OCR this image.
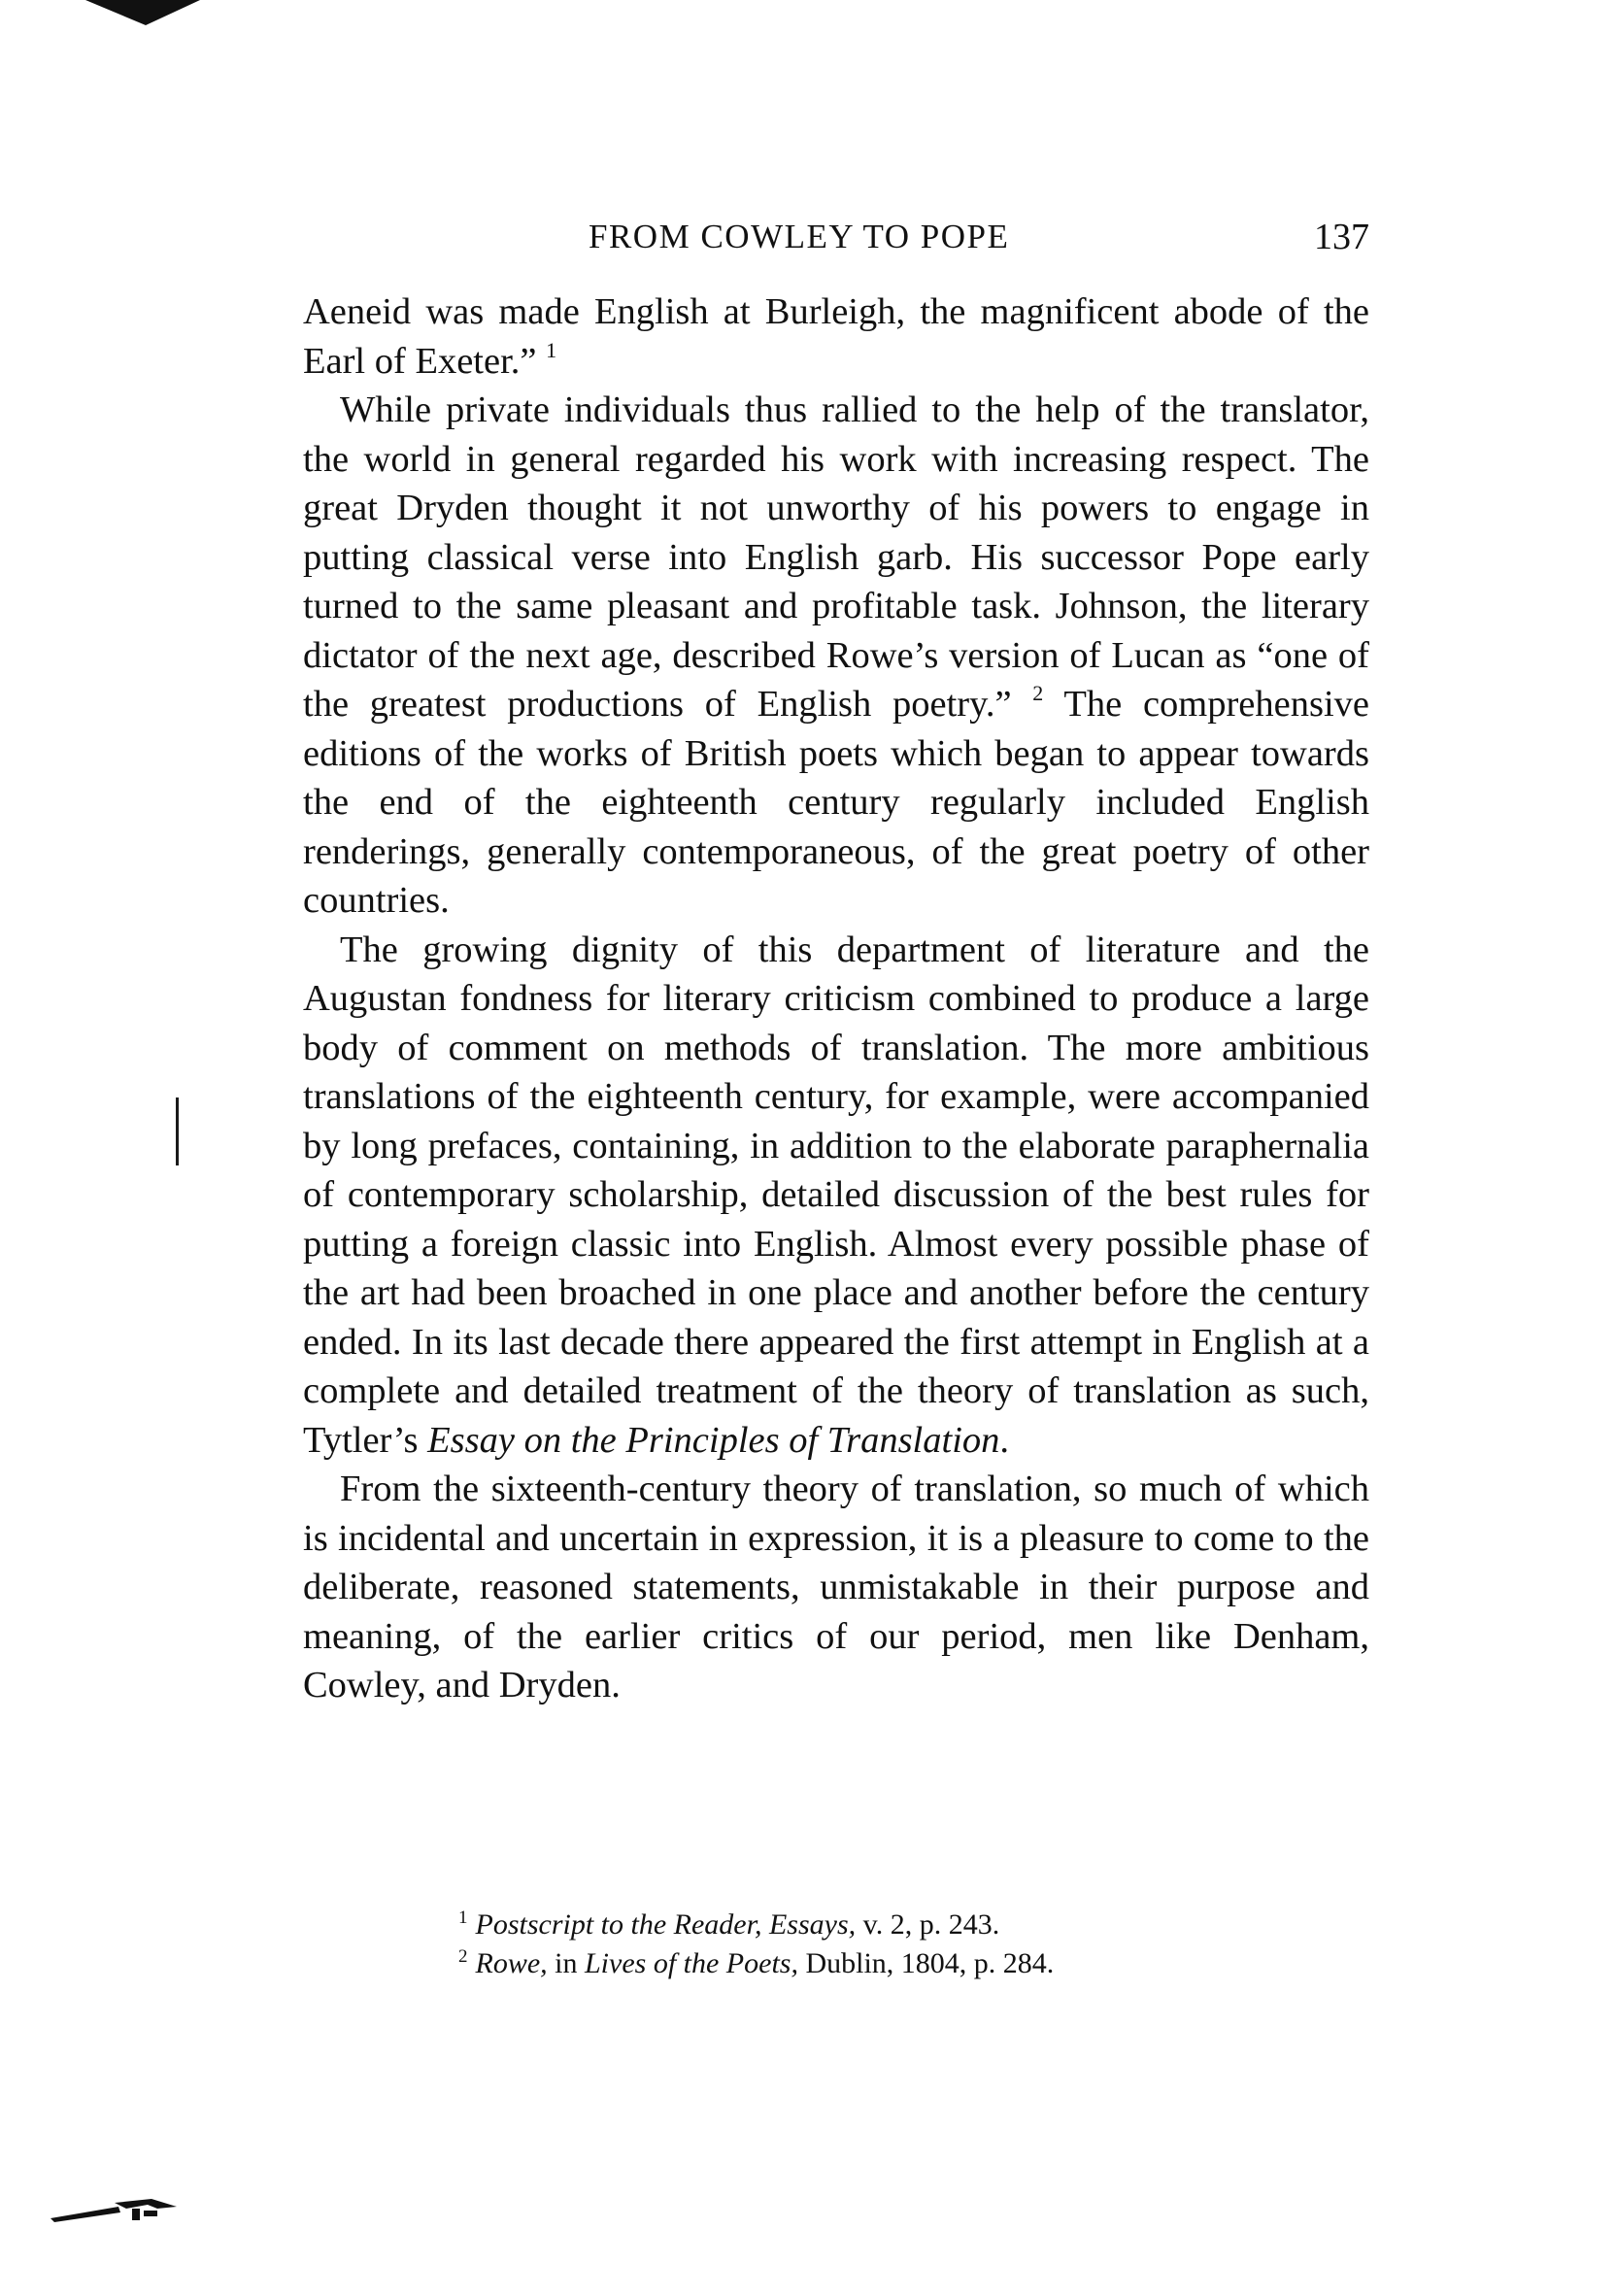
FROM COWLEY TO POPE	137

Aeneid was made English at Burleigh, the magnificent abode of the Earl of Exeter.” $^1$

While private individuals thus rallied to the help of the translator, the world in general regarded his work with increasing respect. The great Dryden thought it not unworthy of his powers to engage in putting classical verse into English garb. His successor Pope early turned to the same pleasant and profitable task. Johnson, the literary dictator of the next age, described Rowe’s version of Lucan as “one of the greatest productions of English poetry.” $^2$ The comprehensive editions of the works of British poets which began to appear towards the end of the eighteenth century regularly included English renderings, generally contemporaneous, of the great poetry of other countries.

The growing dignity of this department of literature and the Augustan fondness for literary criticism combined to produce a large body of comment on methods of translation. The more ambitious translations of the eighteenth century, for example, were accompanied by long prefaces, containing, in addition to the elaborate paraphernalia of contemporary scholarship, detailed discussion of the best rules for putting a foreign classic into English. Almost every possible phase of the art had been broached in one place and another before the century ended. In its last decade there appeared the first attempt in English at a complete and detailed treatment of the theory of translation as such, Tytler’s Essay on the Principles of Translation.

From the sixteenth-century theory of translation, so much of which is incidental and uncertain in expression, it is a pleasure to come to the deliberate, reasoned statements, unmistakable in their purpose and meaning, of the earlier critics of our period, men like Denham, Cowley, and Dryden.

$^1$ Postscript to the Reader, Essays, v. 2, p. 243.

$^2$ Rowe, in Lives of the Poets, Dublin, 1804, p. 284.
